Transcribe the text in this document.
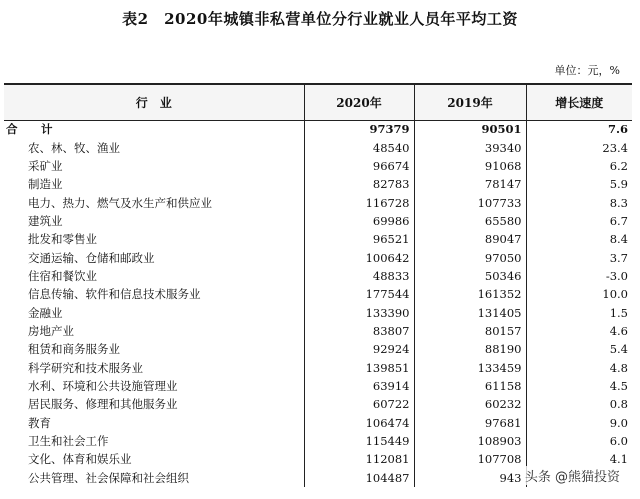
表2　2020年城镇非私营单位分行业就业人员年平均工资
单位：元，%
行　业	2020年	2019年	增长速度
合　计	97379	90501	7.6
农、林、牧、渔业	48540	39340	23.4
采矿业	96674	91068	6.2
制造业	82783	78147	5.9
电力、热力、燃气及水生产和供应业	116728	107733	8.3
建筑业	69986	65580	6.7
批发和零售业	96521	89047	8.4
交通运输、仓储和邮政业	100642	97050	3.7
住宿和餐饮业	48833	50346	-3.0
信息传输、软件和信息技术服务业	177544	161352	10.0
金融业	133390	131405	1.5
房地产业	83807	80157	4.6
租赁和商务服务业	92924	88190	5.4
科学研究和技术服务业	139851	133459	4.8
水利、环境和公共设施管理业	63914	61158	4.5
居民服务、修理和其他服务业	60722	60232	0.8
教育	106474	97681	9.0
卫生和社会工作	115449	108903	6.0
文化、体育和娱乐业	112081	107708	4.1
公共管理、社会保障和社会组织	104487	943	头条 @熊猫投资
